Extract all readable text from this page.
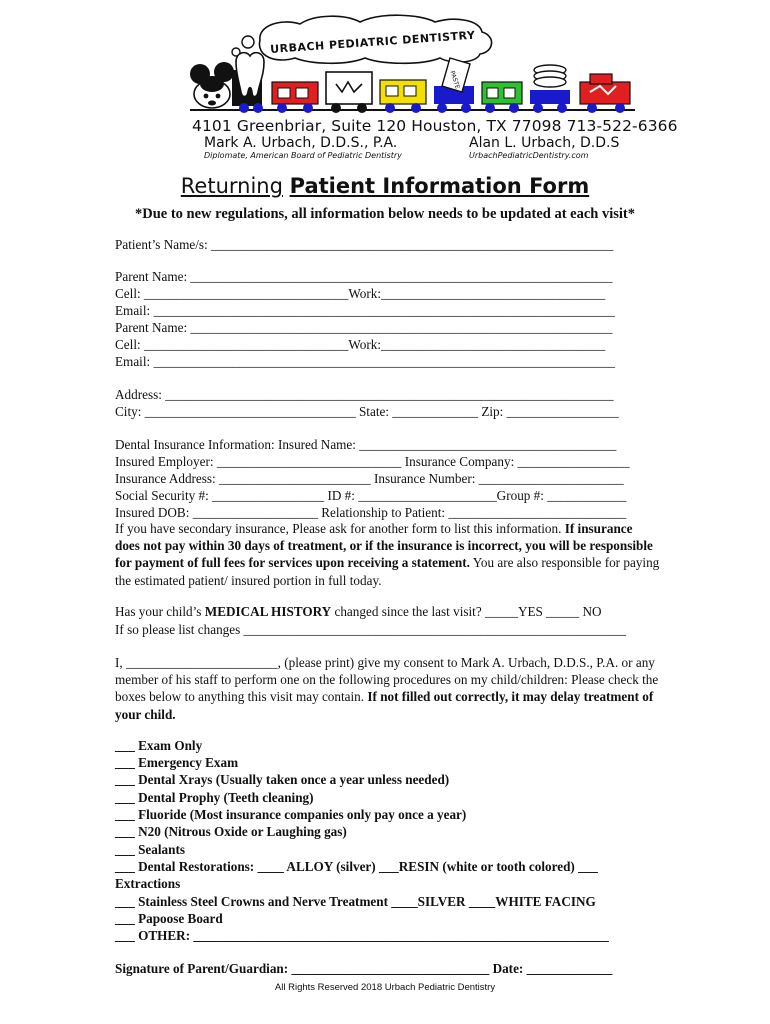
URBACH PEDIATRIC DENTISTRY
PASTE
4101 Greenbriar, Suite 120 Houston, TX 77098 713-522-6366
Mark A. Urbach, D.D.S., P.A.	Alan L. Urbach, D.D.S
Diplomate, American Board of Pediatric Dentistry	UrbachPediatricDentistry.com
Returning Patient Information Form
*Due to new regulations, all information below needs to be updated at each visit*
Patient’s Name/s: _____________________________________________________________
Parent Name: ________________________________________________________________
Cell: _______________________________Work:__________________________________
Email: ______________________________________________________________________
Parent Name: ________________________________________________________________
Cell: _______________________________Work:__________________________________
Email: ______________________________________________________________________
Address: ____________________________________________________________________
City: ________________________________ State: _____________ Zip: _________________
Dental Insurance Information: Insured Name: _______________________________________
Insured Employer: ____________________________ Insurance Company: _________________
Insurance Address: _______________________ Insurance Number: ______________________
Social Security #: _________________ ID #: _____________________Group #: ____________
Insured DOB: ___________________ Relationship to Patient: ___________________________
If you have secondary insurance, Please ask for another form to list this information. If insurance does not pay within 30 days of treatment, or if the insurance is incorrect, you will be responsible for payment of full fees for services upon receiving a statement. You are also responsible for paying the estimated patient/ insured portion in full today.
Has your child’s MEDICAL HISTORY changed since the last visit? _____YES _____ NO
If so please list changes __________________________________________________________
I, _______________________, (please print) give my consent to Mark A. Urbach, D.D.S., P.A. or any member of his staff to perform one on the following procedures on my child/children: Please check the boxes below to anything this visit may contain. If not filled out correctly, it may delay treatment of your child.
___ Exam Only
___ Emergency Exam
___ Dental Xrays (Usually taken once a year unless needed)
___ Dental Prophy (Teeth cleaning)
___ Fluoride (Most insurance companies only pay once a year)
___ N20 (Nitrous Oxide or Laughing gas)
___ Sealants
___ Dental Restorations: ____ ALLOY (silver) ___RESIN (white or tooth colored) ___
Extractions
___ Stainless Steel Crowns and Nerve Treatment ____SILVER ____WHITE FACING
___ Papoose Board
___ OTHER: _______________________________________________________________
Signature of Parent/Guardian: ______________________________ Date: _____________
All Rights Reserved 2018 Urbach Pediatric Dentistry
